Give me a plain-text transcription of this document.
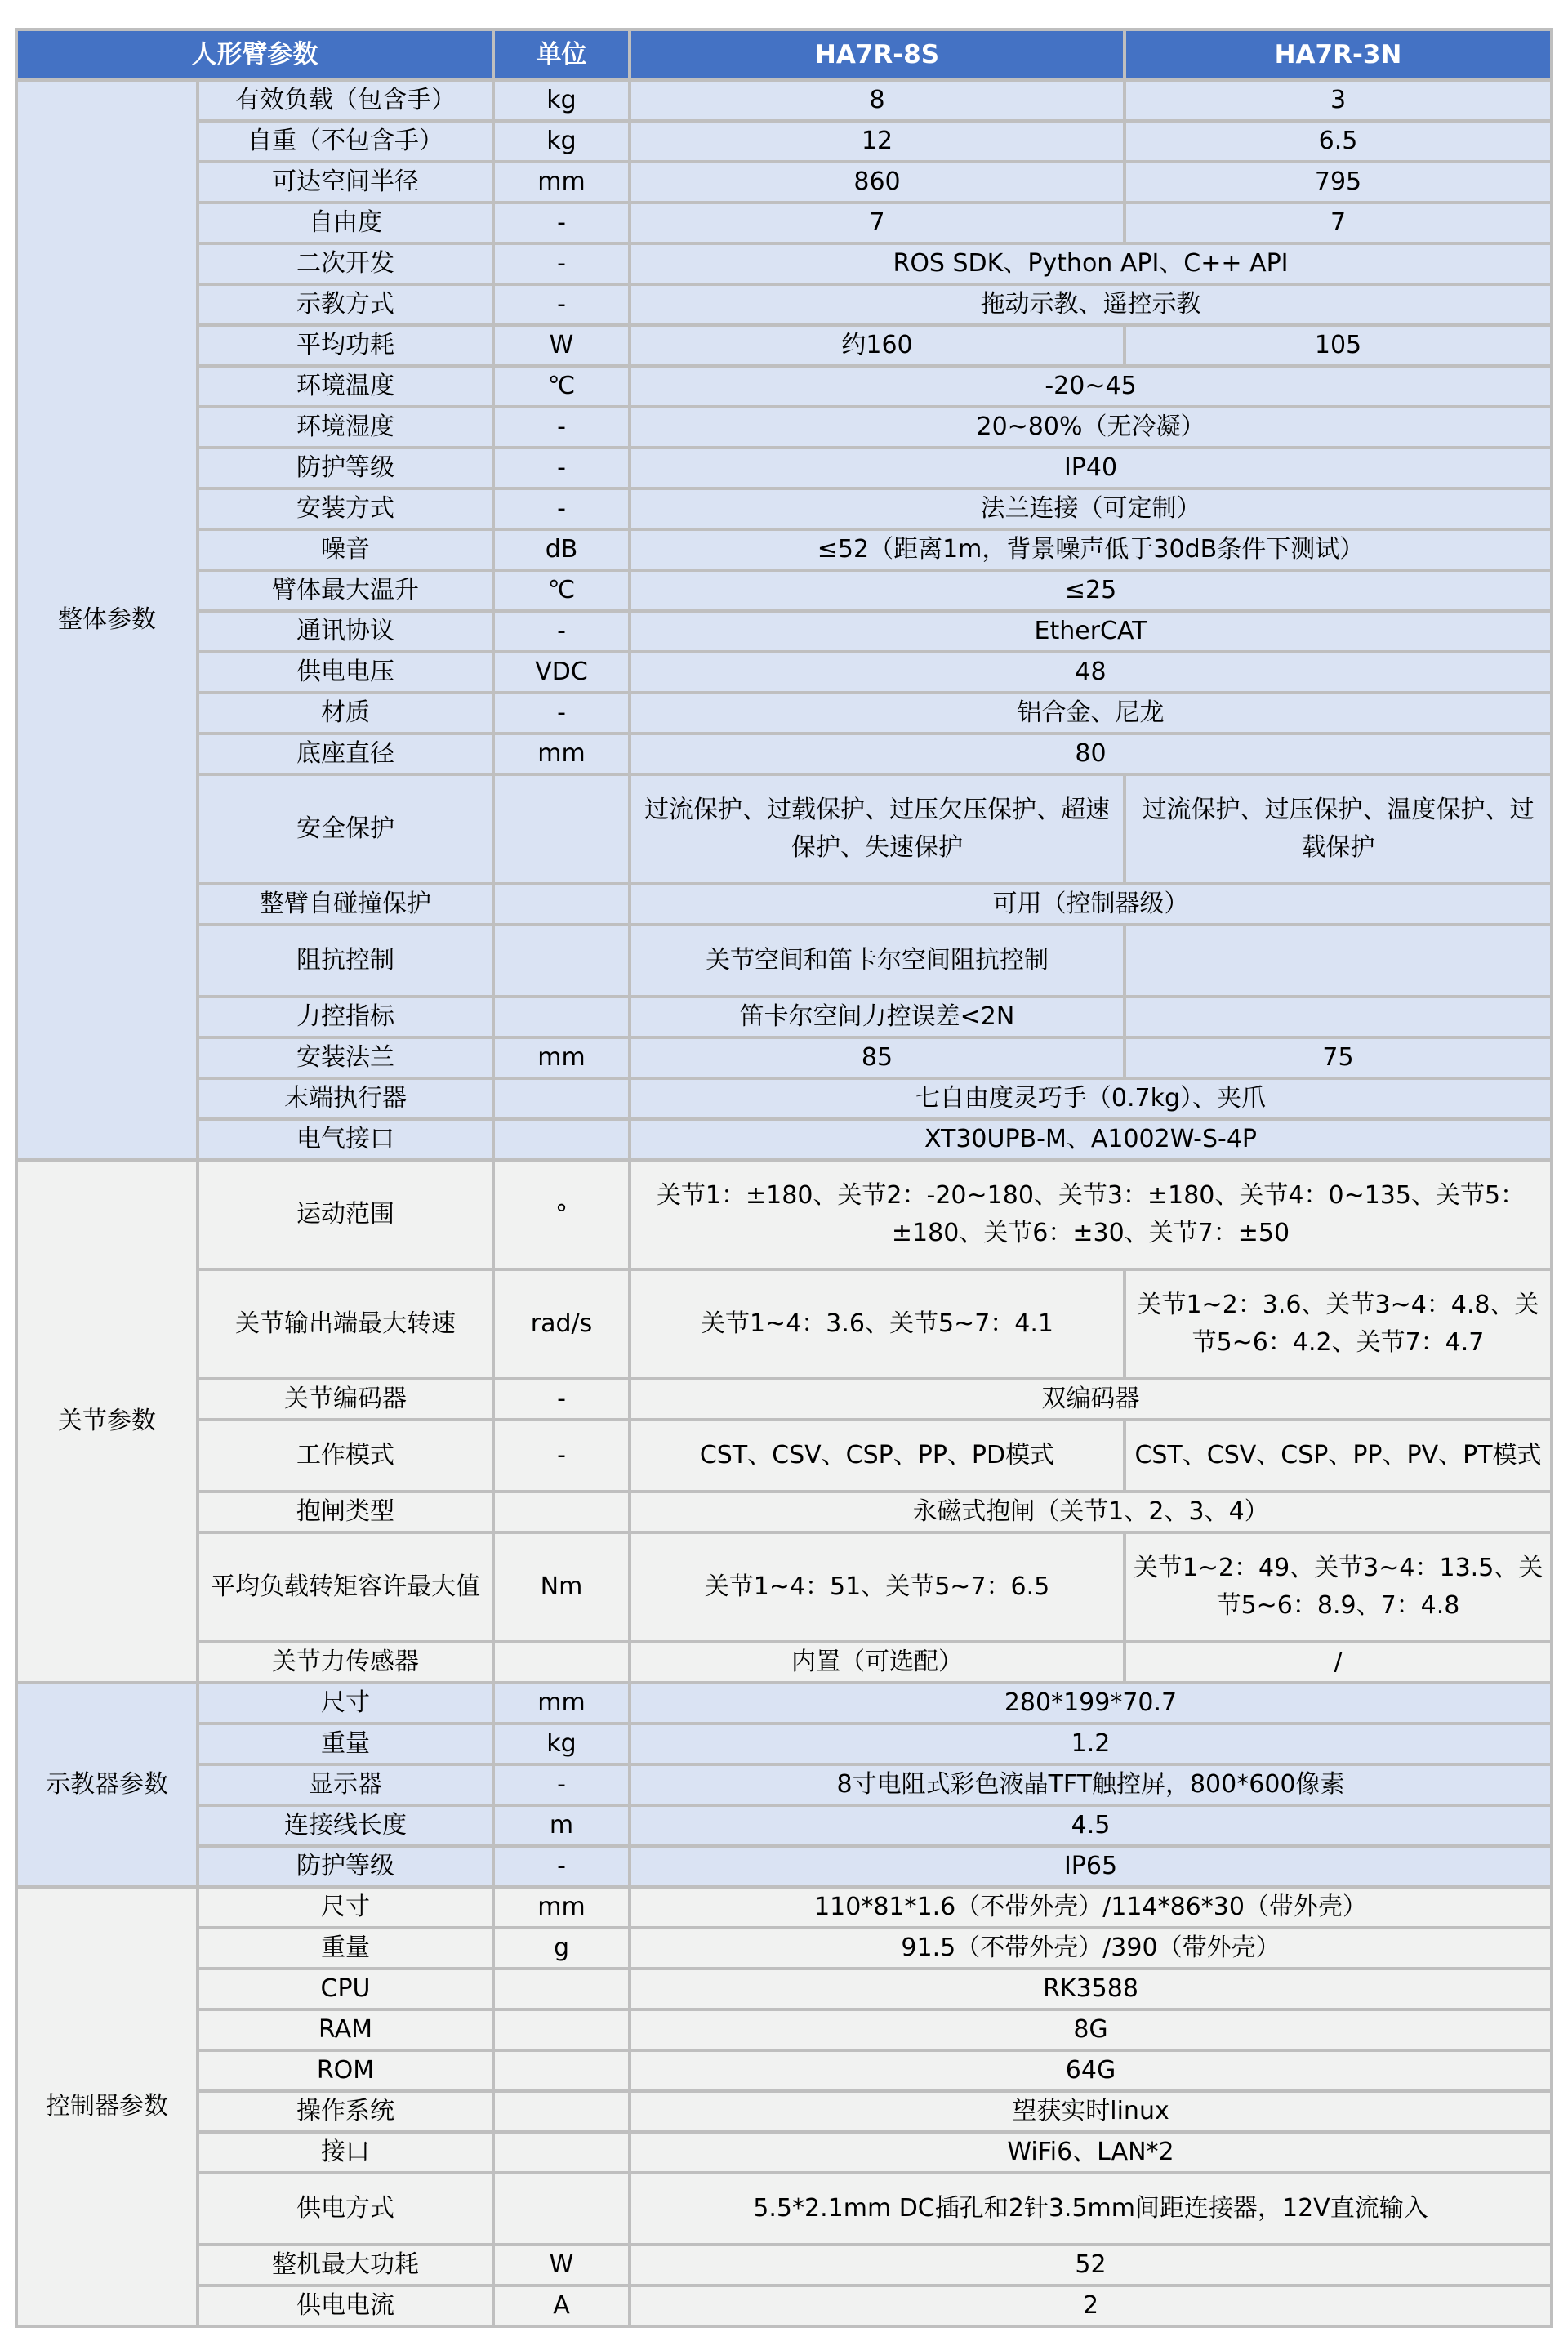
人形臂参数		单位	HA7R-8S	HA7R-3N
整体参数	有效负载（包含手）	kg	8	3
	自重（不包含手）	kg	12	6.5
	可达空间半径	mm	860	795
	自由度	-	7	7
	二次开发	-	ROS SDK、Python API、C++ API	
	示教方式	-	拖动示教、遥控示教	
	平均功耗	W	约160	105
	环境温度	℃	-20~45	
	环境湿度	-	20~80%（无冷凝）	
	防护等级	-	IP40	
	安装方式	-	法兰连接（可定制）	
	噪音	dB	≤52（距离1m，背景噪声低于30dB条件下测试）	
	臂体最大温升	℃	≤25	
	通讯协议	-	EtherCAT	
	供电电压	VDC	48	
	材质	-	铝合金、尼龙	
	底座直径	mm	80	
	安全保护		过流保护、过载保护、过压欠压保护、超速保护、失速保护	过流保护、过压保护、温度保护、过载保护
	整臂自碰撞保护		可用（控制器级）	
	阻抗控制		关节空间和笛卡尔空间阻抗控制	
	力控指标		笛卡尔空间力控误差<2N	
	安装法兰	mm	85	75
	末端执行器		七自由度灵巧手（0.7kg）、夹爪	
	电气接口		XT30UPB-M、A1002W-S-4P	
关节参数	运动范围	°	关节1：±180、关节2：-20~180、关节3：±180、关节4：0~135、关节5：±180、关节6：±30、关节7：±50	
	关节输出端最大转速	rad/s	关节1~4：3.6、关节5~7：4.1	关节1~2：3.6、关节3~4：4.8、关节5~6：4.2、关节7：4.7
	关节编码器	-	双编码器	
	工作模式	-	CST、CSV、CSP、PP、PD模式	CST、CSV、CSP、PP、PV、PT模式
	抱闸类型		永磁式抱闸（关节1、2、3、4）	
	平均负载转矩容许最大值	Nm	关节1~4：51、关节5~7：6.5	关节1~2：49、关节3~4：13.5、关节5~6：8.9、7：4.8
	关节力传感器		内置（可选配）	/
示教器参数	尺寸	mm	280*199*70.7	
	重量	kg	1.2	
	显示器	-	8寸电阻式彩色液晶TFT触控屏，800*600像素	
	连接线长度	m	4.5	
	防护等级	-	IP65	
控制器参数	尺寸	mm	110*81*1.6（不带外壳）/114*86*30（带外壳）	
	重量	g	91.5（不带外壳）/390（带外壳）	
	CPU		RK3588	
	RAM		8G	
	ROM		64G	
	操作系统		望获实时linux	
	接口		WiFi6、LAN*2	
	供电方式		5.5*2.1mm DC插孔和2针3.5mm间距连接器，12V直流输入	
	整机最大功耗	W	52	
	供电电流	A	2	
